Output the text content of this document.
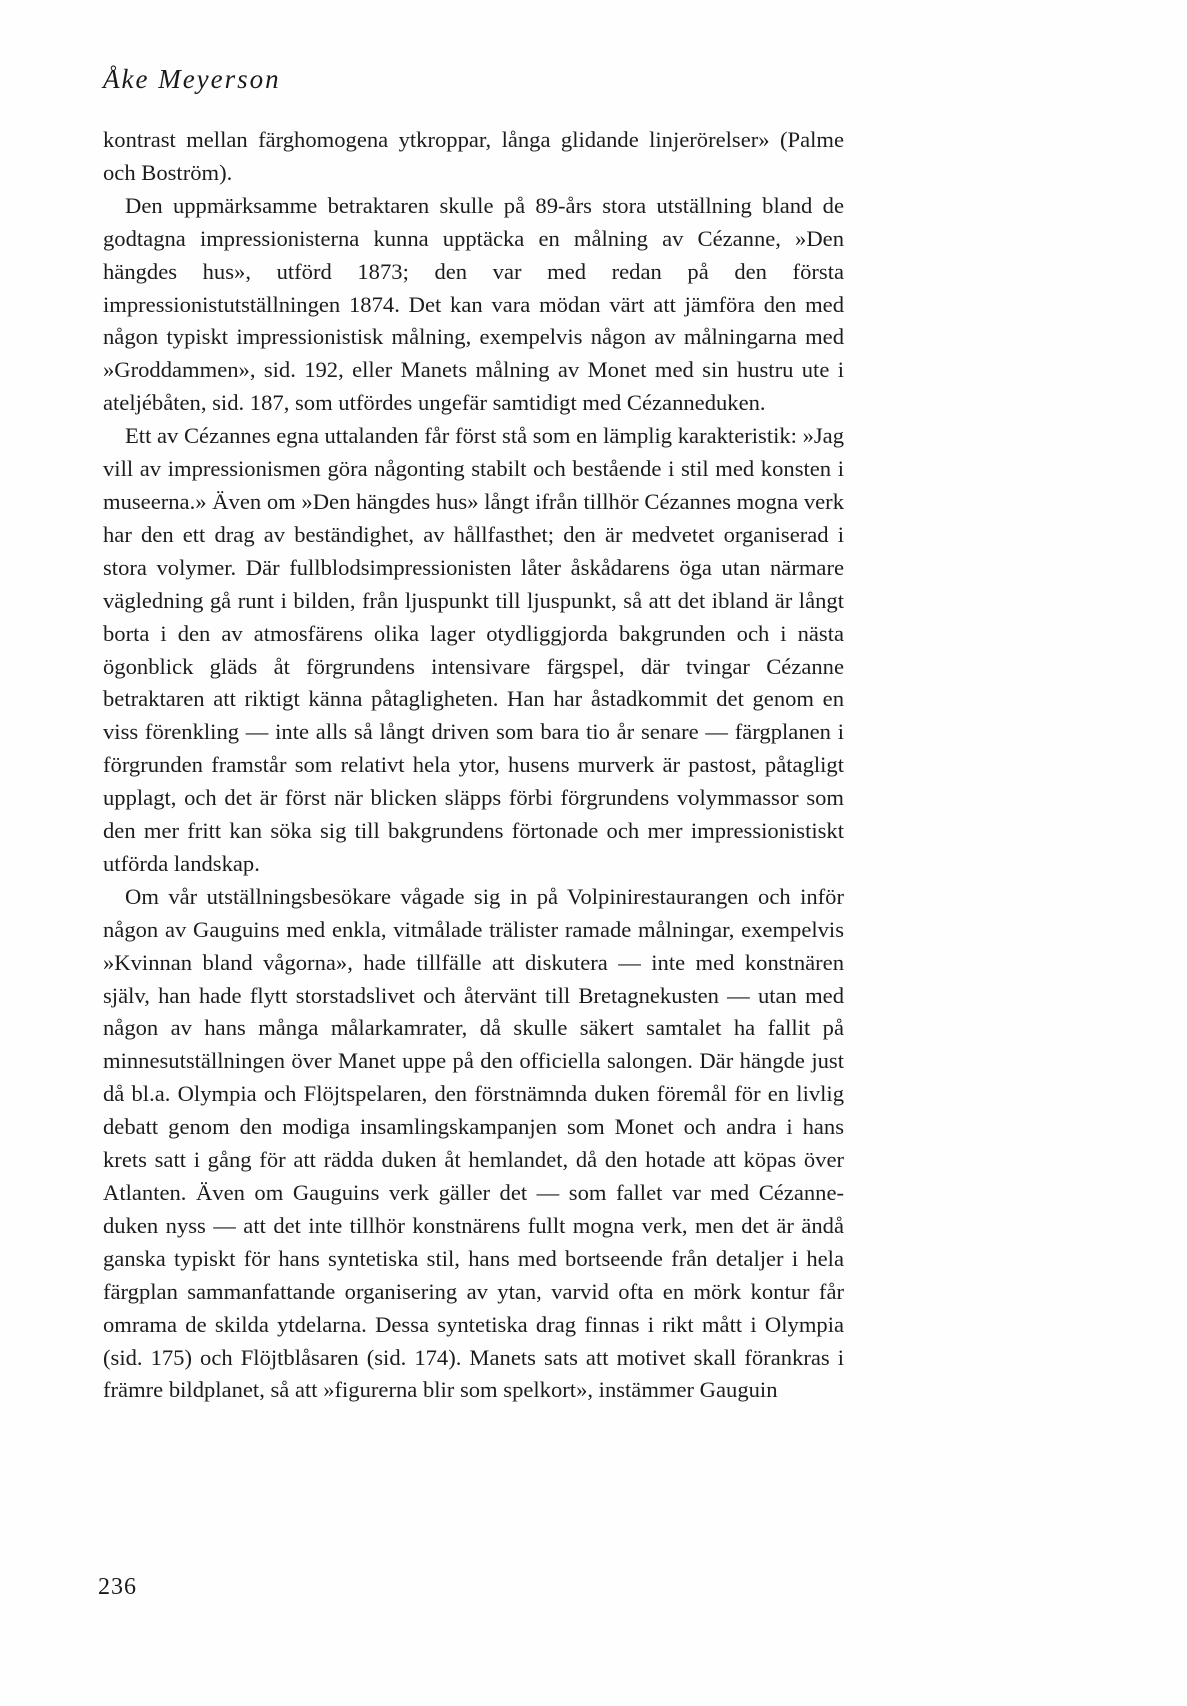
Åke Meyerson

kontrast mellan färghomogena ytkroppar, långa glidande linjerörelser» (Palme och Boström).

Den uppmärksamme betraktaren skulle på 89-års stora utställning bland de godtagna impressionisterna kunna upptäcka en målning av Cézanne, »Den hängdes hus», utförd 1873; den var med redan på den första impressionistutställningen 1874. Det kan vara mödan värt att jämföra den med någon typiskt impressionistisk målning, exempelvis någon av målningarna med »Groddammen», sid. 192, eller Manets målning av Monet med sin hustru ute i ateljébåten, sid. 187, som utfördes ungefär samtidigt med Cézanneduken.

Ett av Cézannes egna uttalanden får först stå som en lämplig karakteristik: »Jag vill av impressionismen göra någonting stabilt och bestående i stil med konsten i museerna.» Även om »Den hängdes hus» långt ifrån tillhör Cézannes mogna verk har den ett drag av beständighet, av hållfasthet; den är medvetet organiserad i stora volymer. Där fullblodsimpressionisten låter åskådarens öga utan närmare vägledning gå runt i bilden, från ljuspunkt till ljuspunkt, så att det ibland är långt borta i den av atmosfärens olika lager otydliggjorda bakgrunden och i nästa ögonblick gläds åt förgrundens intensivare färgspel, där tvingar Cézanne betraktaren att riktigt känna påtagligheten. Han har åstadkommit det genom en viss förenkling — inte alls så långt driven som bara tio år senare — färgplanen i förgrunden framstår som relativt hela ytor, husens murverk är pastost, påtagligt upplagt, och det är först när blicken släpps förbi förgrundens volymmassor som den mer fritt kan söka sig till bakgrundens förtonade och mer impressionistiskt utförda landskap.

Om vår utställningsbesökare vågade sig in på Volpinirestaurangen och inför någon av Gauguins med enkla, vitmålade trälister ramade målningar, exempelvis »Kvinnan bland vågorna», hade tillfälle att diskutera — inte med konstnären själv, han hade flytt storstadslivet och återvänt till Bretagnekusten — utan med någon av hans många målarkamrater, då skulle säkert samtalet ha fallit på minnesutställningen över Manet uppe på den officiella salongen. Där hängde just då bl.a. Olympia och Flöjtspelaren, den förstnämnda duken föremål för en livlig debatt genom den modiga insamlingskampanjen som Monet och andra i hans krets satt i gång för att rädda duken åt hemlandet, då den hotade att köpas över Atlanten. Även om Gauguins verk gäller det — som fallet var med Cézanne-duken nyss — att det inte tillhör konstnärens fullt mogna verk, men det är ändå ganska typiskt för hans syntetiska stil, hans med bortseende från detaljer i hela färgplan sammanfattande organisering av ytan, varvid ofta en mörk kontur får omrama de skilda ytdelarna. Dessa syntetiska drag finnas i rikt mått i Olympia (sid. 175) och Flöjtblåsaren (sid. 174). Manets sats att motivet skall förankras i främre bildplanet, så att »figurerna blir som spelkort», instämmer Gauguin

236
